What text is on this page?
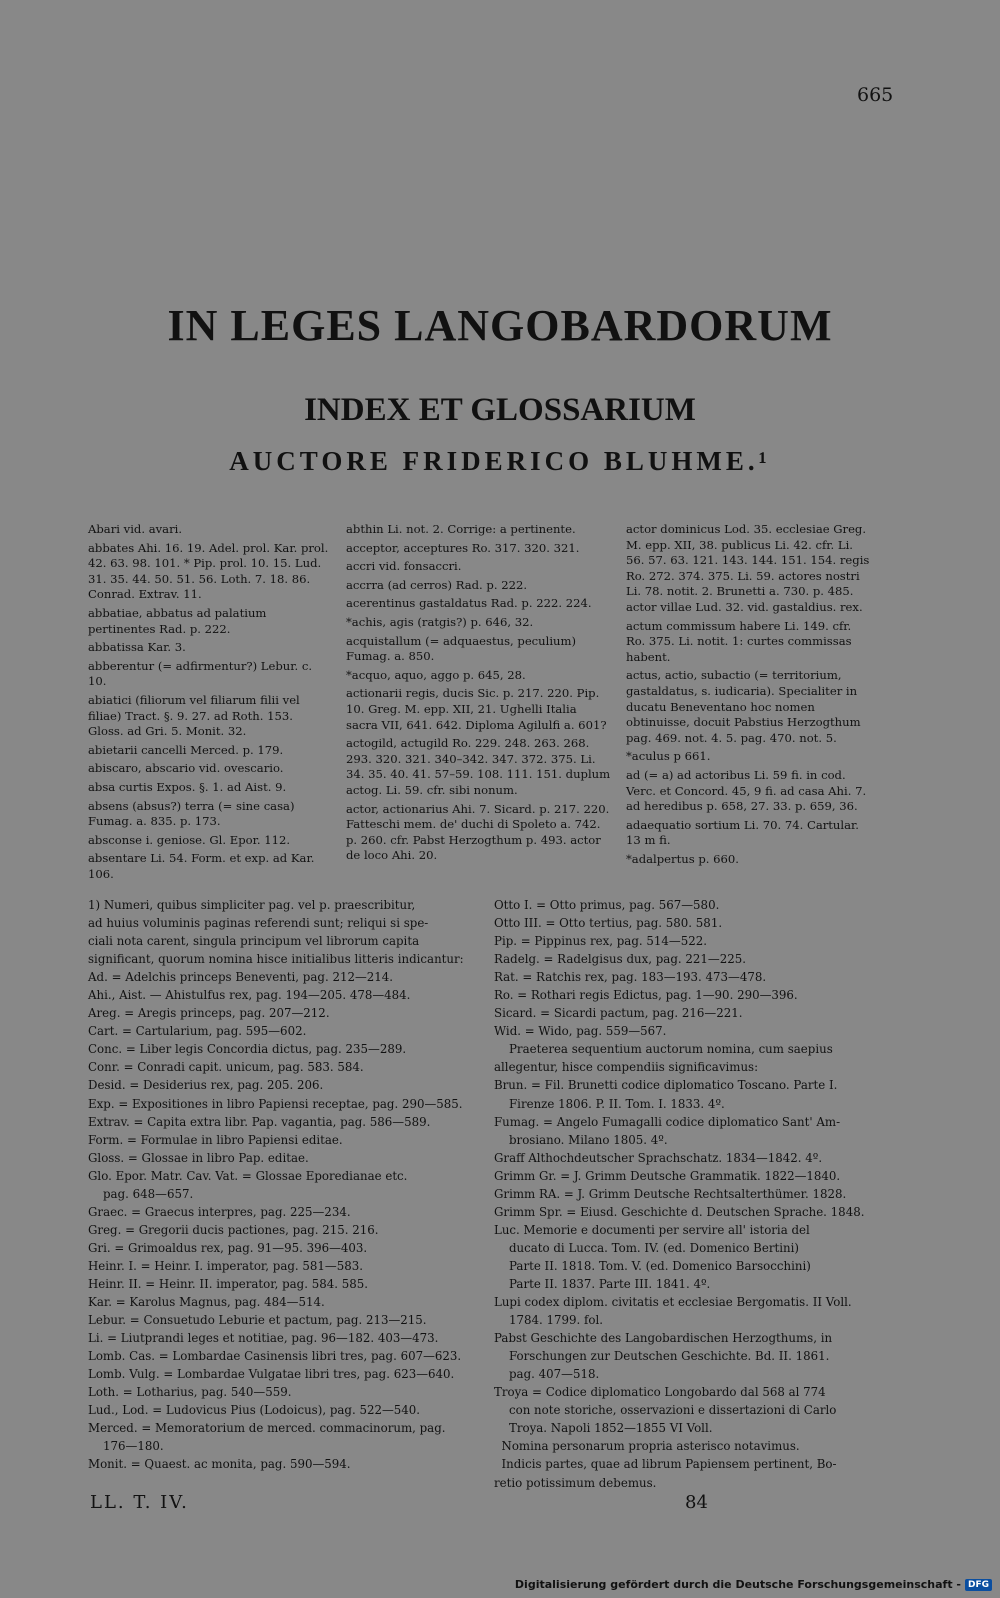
665
IN LEGES LANGOBARDORUM
INDEX ET GLOSSARIUM
AUCTORE FRIDERICO BLUHME.¹

Abari vid. avari.

abbates Ahi. 16. 19. Adel. prol. Kar. prol. 42. 63. 98. 101. * Pip. prol. 10. 15. Lud. 31. 35. 44. 50. 51. 56. Loth. 7. 18. 86. Conrad. Extrav. 11.

abbatiae, abbatus ad palatium pertinentes Rad. p. 222.

abbatissa Kar. 3.

abberentur (= adfirmentur?) Lebur. c. 10.

abiatici (filiorum vel filiarum filii vel filiae) Tract. §. 9. 27. ad Roth. 153. Gloss. ad Gri. 5. Monit. 32.

abietarii cancelli Merced. p. 179.

abiscaro, abscario vid. ovescario.

absa curtis Expos. §. 1. ad Aist. 9.

absens (absus?) terra (= sine casa) Fumag. a. 835. p. 173.

absconse i. geniose. Gl. Epor. 112.

absentare Li. 54. Form. et exp. ad Kar. 106.

abthin Li. not. 2. Corrige: a pertinente.

acceptor, acceptures Ro. 317. 320. 321.

accri vid. fonsaccri.

accrra (ad cerros) Rad. p. 222.

acerentinus gastaldatus Rad. p. 222. 224.

*achis, agis (ratgis?) p. 646, 32.

acquistallum (= adquaestus, peculium) Fumag. a. 850.

*acquo, aquo, aggo p. 645, 28.

actionarii regis, ducis Sic. p. 217. 220. Pip. 10. Greg. M. epp. XII, 21. Ughelli Italia sacra VII, 641. 642. Diploma Agilulfi a. 601?

actogild, actugild Ro. 229. 248. 263. 268. 293. 320. 321. 340–342. 347. 372. 375. Li. 34. 35. 40. 41. 57–59. 108. 111. 151. duplum actog. Li. 59. cfr. sibi nonum.

actor, actionarius Ahi. 7. Sicard. p. 217. 220. Fatteschi mem. de' duchi di Spoleto a. 742. p. 260. cfr. Pabst Herzogthum p. 493. actor de loco Ahi. 20.

actor dominicus Lod. 35. ecclesiae Greg. M. epp. XII, 38. publicus Li. 42. cfr. Li. 56. 57. 63. 121. 143. 144. 151. 154. regis Ro. 272. 374. 375. Li. 59. actores nostri Li. 78. notit. 2. Brunetti a. 730. p. 485. actor villae Lud. 32. vid. gastaldius. rex.

actum commissum habere Li. 149. cfr. Ro. 375. Li. notit. 1: curtes commissas habent.

actus, actio, subactio (= territorium, gastaldatus, s. iudicaria). Specialiter in ducatu Beneventano hoc nomen obtinuisse, docuit Pabstius Herzogthum pag. 469. not. 4. 5. pag. 470. not. 5.

*aculus p 661.

ad (= a) ad actoribus Li. 59 fi. in cod. Verc. et Concord. 45, 9 fi. ad casa Ahi. 7. ad heredibus p. 658, 27. 33. p. 659, 36.

adaequatio sortium Li. 70. 74. Cartular. 13 m fi.

*adalpertus p. 660.

1) Numeri, quibus simpliciter pag. vel p. praescribitur,

ad huius voluminis paginas referendi sunt; reliqui si spe-

ciali nota carent, singula principum vel librorum capita

significant, quorum nomina hisce initialibus litteris indicantur:

Ad. = Adelchis princeps Beneventi, pag. 212—214.

Ahi., Aist. — Ahistulfus rex, pag. 194—205. 478—484.

Areg. = Aregis princeps, pag. 207—212.

Cart. = Cartularium, pag. 595—602.

Conc. = Liber legis Concordia dictus, pag. 235—289.

Conr. = Conradi capit. unicum, pag. 583. 584.

Desid. = Desiderius rex, pag. 205. 206.

Exp. = Expositiones in libro Papiensi receptae, pag. 290—585.

Extrav. = Capita extra libr. Pap. vagantia, pag. 586—589.

Form. = Formulae in libro Papiensi editae.

Gloss. = Glossae in libro Pap. editae.

Glo. Epor. Matr. Cav. Vat. = Glossae Eporedianae etc.

pag. 648—657.

Graec. = Graecus interpres, pag. 225—234.

Greg. = Gregorii ducis pactiones, pag. 215. 216.

Gri. = Grimoaldus rex, pag. 91—95. 396—403.

Heinr. I. = Heinr. I. imperator, pag. 581—583.

Heinr. II. = Heinr. II. imperator, pag. 584. 585.

Kar. = Karolus Magnus, pag. 484—514.

Lebur. = Consuetudo Leburie et pactum, pag. 213—215.

Li. = Liutprandi leges et notitiae, pag. 96—182. 403—473.

Lomb. Cas. = Lombardae Casinensis libri tres, pag. 607—623.

Lomb. Vulg. = Lombardae Vulgatae libri tres, pag. 623—640.

Loth. = Lotharius, pag. 540—559.

Lud., Lod. = Ludovicus Pius (Lodoicus), pag. 522—540.

Merced. = Memoratorium de merced. commacinorum, pag.

176—180.

Monit. = Quaest. ac monita, pag. 590—594.

Otto I. = Otto primus, pag. 567—580.

Otto III. = Otto tertius, pag. 580. 581.

Pip. = Pippinus rex, pag. 514—522.

Radelg. = Radelgisus dux, pag. 221—225.

Rat. = Ratchis rex, pag. 183—193. 473—478.

Ro. = Rothari regis Edictus, pag. 1—90. 290—396.

Sicard. = Sicardi pactum, pag. 216—221.

Wid. = Wido, pag. 559—567.

Praeterea sequentium auctorum nomina, cum saepius

allegentur, hisce compendiis significavimus:

Brun. = Fil. Brunetti codice diplomatico Toscano. Parte I.

Firenze 1806. P. II. Tom. I. 1833. 4º.

Fumag. = Angelo Fumagalli codice diplomatico Sant' Am-

brosiano. Milano 1805. 4º.

Graff Althochdeutscher Sprachschatz. 1834—1842. 4º.

Grimm Gr. = J. Grimm Deutsche Grammatik. 1822—1840.

Grimm RA. = J. Grimm Deutsche Rechtsalterthümer. 1828.

Grimm Spr. = Eiusd. Geschichte d. Deutschen Sprache. 1848.

Luc. Memorie e documenti per servire all' istoria del

ducato di Lucca. Tom. IV. (ed. Domenico Bertini)

Parte II. 1818. Tom. V. (ed. Domenico Barsocchini)

Parte II. 1837. Parte III. 1841. 4º.

Lupi codex diplom. civitatis et ecclesiae Bergomatis. II Voll.

1784. 1799. fol.

Pabst Geschichte des Langobardischen Herzogthums, in

Forschungen zur Deutschen Geschichte. Bd. II. 1861.

pag. 407—518.

Troya = Codice diplomatico Longobardo dal 568 al 774

con note storiche, osservazioni e dissertazioni di Carlo

Troya. Napoli 1852—1855 VI Voll.

Nomina personarum propria asterisco notavimus.

Indicis partes, quae ad librum Papiensem pertinent, Bo-

retio potissimum debemus.

LL. T. IV.	84
Digitalisierung gefördert durch die Deutsche Forschungsgemeinschaft - DFG
